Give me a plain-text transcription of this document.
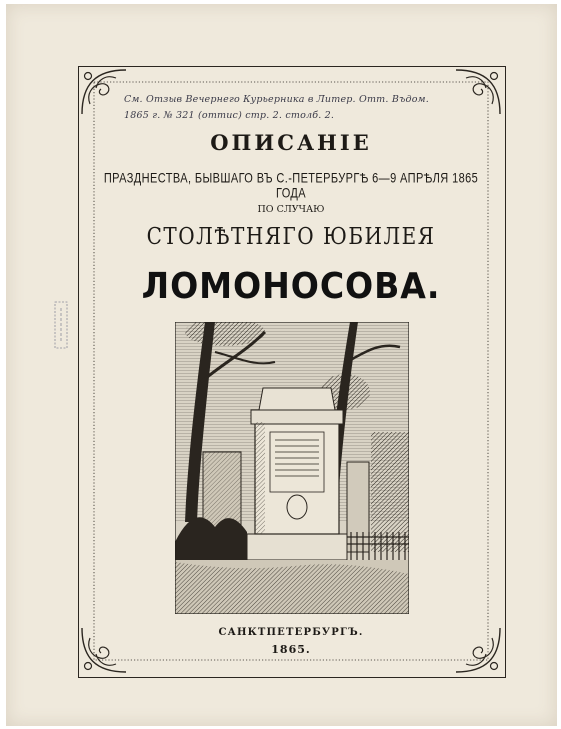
См. Отзыв Вечернего Курьерника в Литер. Отт. Въдом.
1865 г. № 321 (оттис) стр. 2. столб. 2.
ОПИСАНІЕ
ПРАЗДНЕСТВА, БЫВШАГО ВЪ С.-ПЕТЕРБУРГѢ 6—9 АПРѢЛЯ 1865 ГОДА
ПО СЛУЧАЮ
СТОЛѢТНЯГО ЮБИЛЕЯ
ЛОМОНОСОВА.
САНКТПЕТЕРБУРГЪ.
1865.
